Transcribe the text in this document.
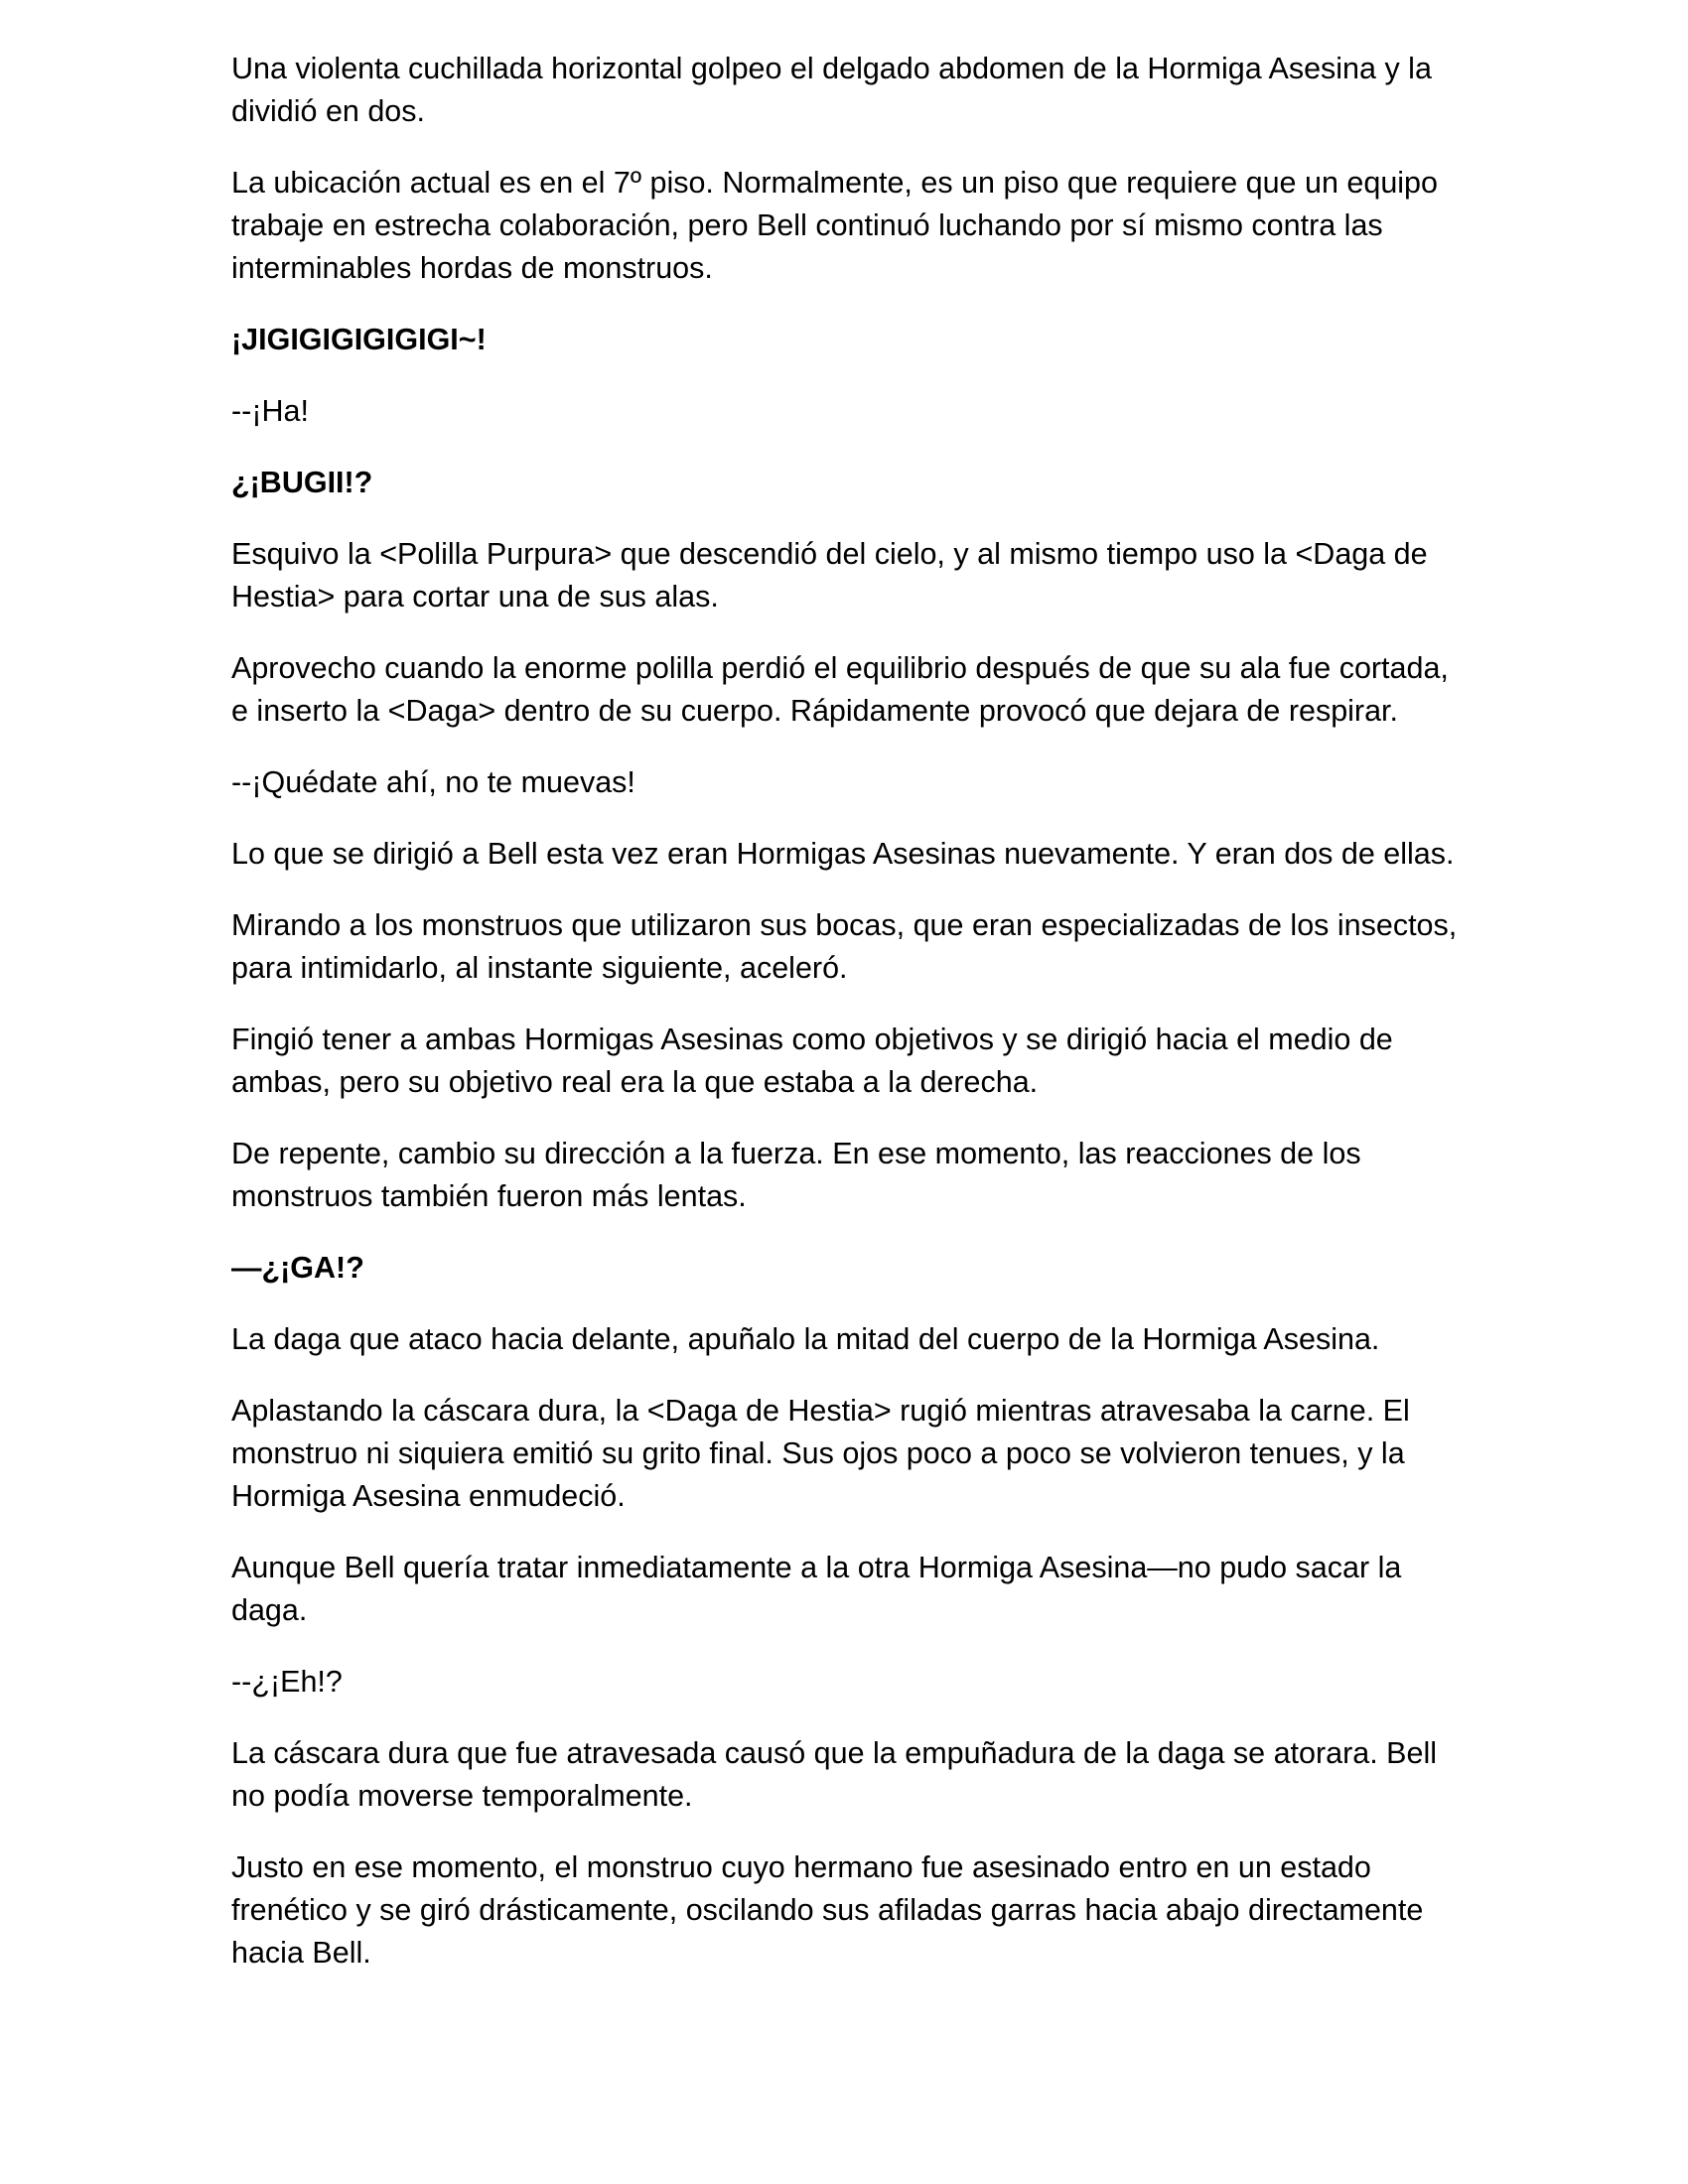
Una violenta cuchillada horizontal golpeo el delgado abdomen de la Hormiga Asesina y la dividió en dos.

La ubicación actual es en el 7º piso. Normalmente, es un piso que requiere que un equipo trabaje en estrecha colaboración, pero Bell continuó luchando por sí mismo contra las interminables hordas de monstruos.

¡JIGIGIGIGIGIGI~!

--¡Ha!

¿¡BUGII!?

Esquivo la <Polilla Purpura> que descendió del cielo, y al mismo tiempo uso la <Daga de Hestia> para cortar una de sus alas.

Aprovecho cuando la enorme polilla perdió el equilibrio después de que su ala fue cortada, e inserto la <Daga> dentro de su cuerpo. Rápidamente provocó que dejara de respirar.

--¡Quédate ahí, no te muevas!

Lo que se dirigió a Bell esta vez eran Hormigas Asesinas nuevamente. Y eran dos de ellas.

Mirando a los monstruos que utilizaron sus bocas, que eran especializadas de los insectos, para intimidarlo, al instante siguiente, aceleró.

Fingió tener a ambas Hormigas Asesinas como objetivos y se dirigió hacia el medio de ambas, pero su objetivo real era la que estaba a la derecha.

De repente, cambio su dirección a la fuerza. En ese momento, las reacciones de los monstruos también fueron más lentas.

—¿¡GA!?

La daga que ataco hacia delante, apuñalo la mitad del cuerpo de la Hormiga Asesina.

Aplastando la cáscara dura, la <Daga de Hestia> rugió mientras atravesaba la carne. El monstruo ni siquiera emitió su grito final. Sus ojos poco a poco se volvieron tenues, y la Hormiga Asesina enmudeció.

Aunque Bell quería tratar inmediatamente a la otra Hormiga Asesina—no pudo sacar la daga.

--¿¡Eh!?

La cáscara dura que fue atravesada causó que la empuñadura de la daga se atorara. Bell no podía moverse temporalmente.

Justo en ese momento, el monstruo cuyo hermano fue asesinado entro en un estado frenético y se giró drásticamente, oscilando sus afiladas garras hacia abajo directamente hacia Bell.
